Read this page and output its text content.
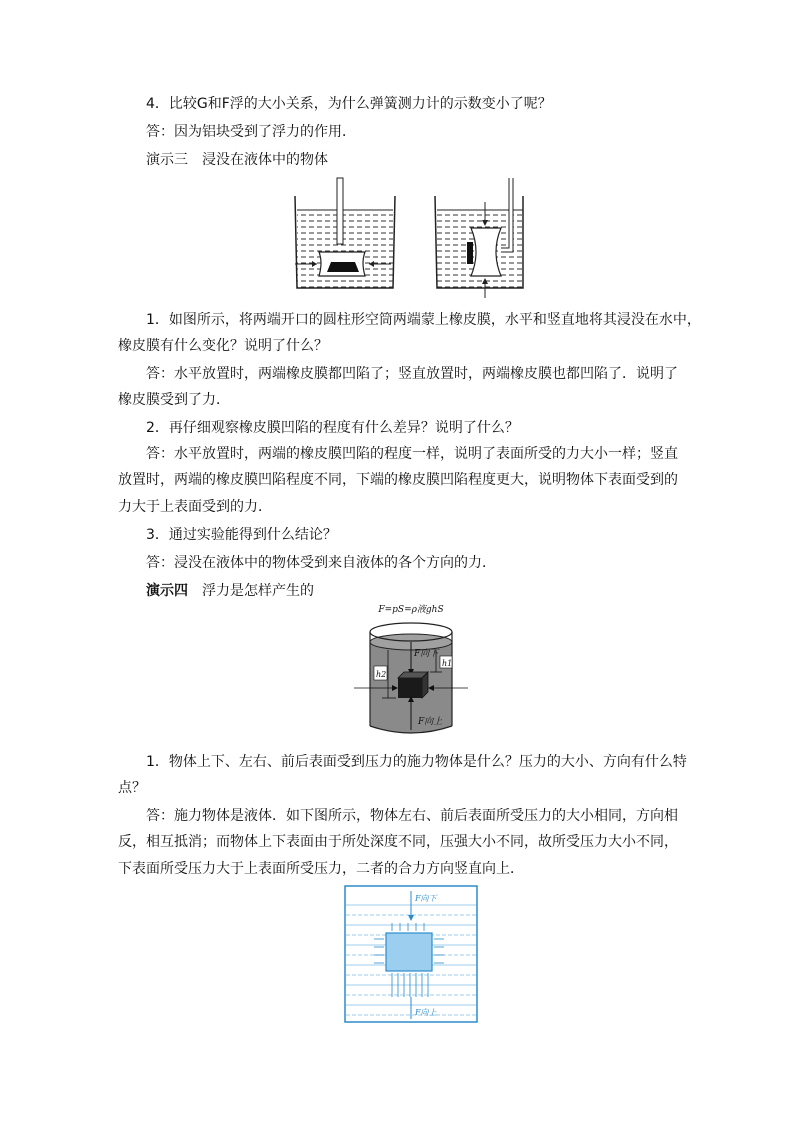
4．比较G和F浮的大小关系，为什么弹簧测力计的示数变小了呢？
答：因为铝块受到了浮力的作用．
演示三　浸没在液体中的物体
1．如图所示，将两端开口的圆柱形空筒两端蒙上橡皮膜，水平和竖直地将其浸没在水中，
橡皮膜有什么变化？说明了什么？
答：水平放置时，两端橡皮膜都凹陷了；竖直放置时，两端橡皮膜也都凹陷了．说明了
橡皮膜受到了力．
2．再仔细观察橡皮膜凹陷的程度有什么差异？说明了什么？
答：水平放置时，两端的橡皮膜凹陷的程度一样，说明了表面所受的力大小一样；竖直
放置时，两端的橡皮膜凹陷程度不同，下端的橡皮膜凹陷程度更大，说明物体下表面受到的
力大于上表面受到的力．
3．通过实验能得到什么结论？
答：浸没在液体中的物体受到来自液体的各个方向的力．
演示四　 浮力是怎样产生的
F=pS=ρ液ghS
F向下
F向上
h1
h2
1．物体上下、左右、前后表面受到压力的施力物体是什么？压力的大小、方向有什么特
点？
答：施力物体是液体．如下图所示，物体左右、前后表面所受压力的大小相同，方向相
反，相互抵消；而物体上下表面由于所处深度不同，压强大小不同，故所受压力大小不同，
下表面所受压力大于上表面所受压力，二者的合力方向竖直向上．
F向下
F向上
